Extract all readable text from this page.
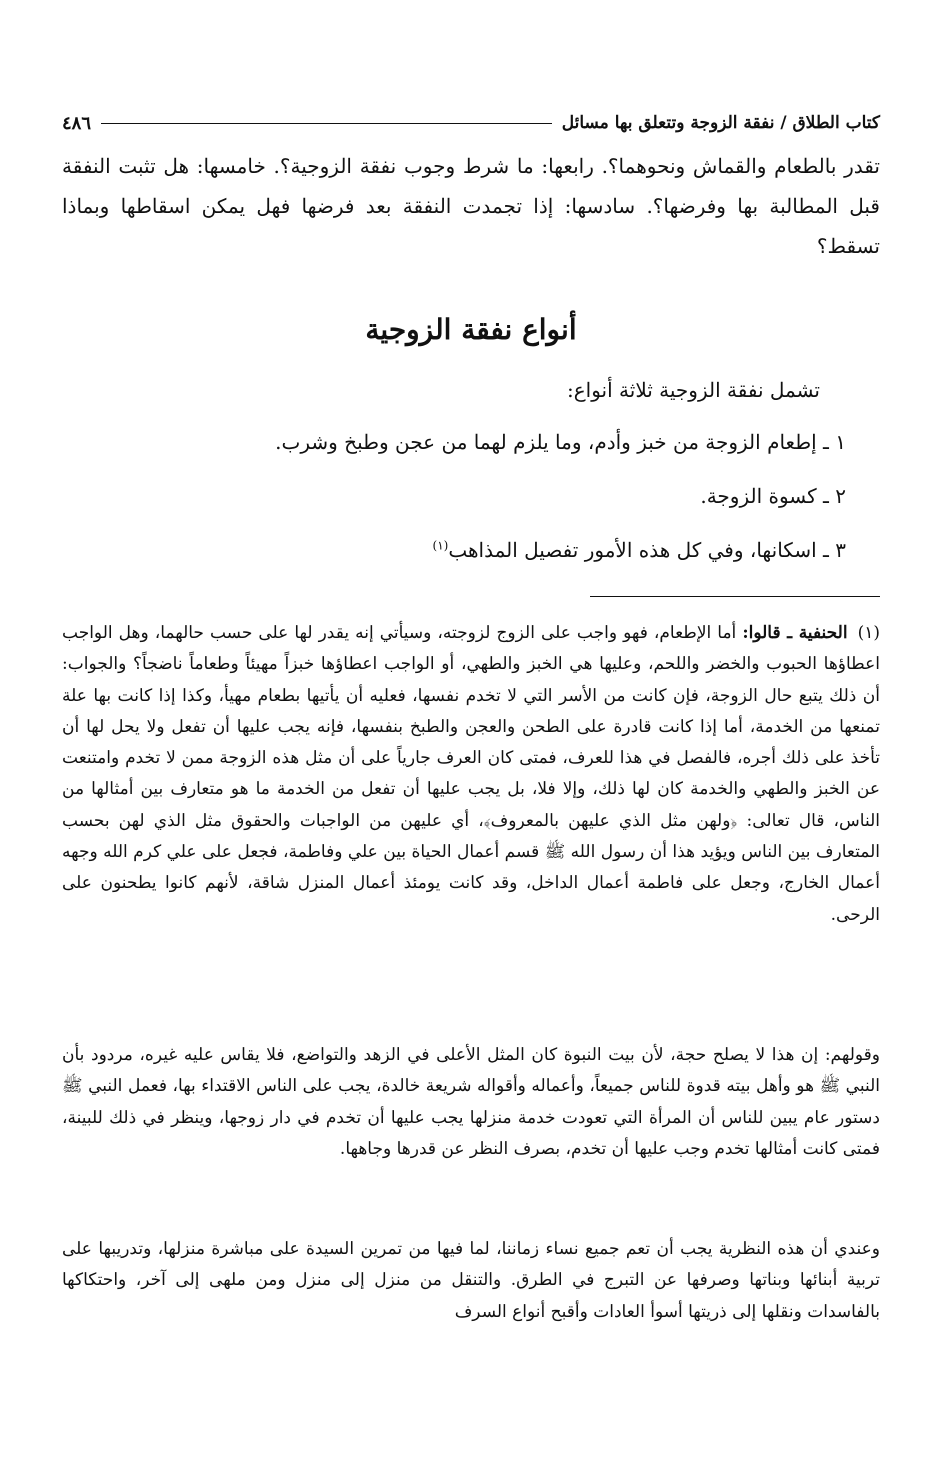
كتاب الطلاق / نفقة الزوجة وتتعلق بها مسائل
٤٨٦
تقدر بالطعام والقماش ونحوهما؟. رابعها: ما شرط وجوب نفقة الزوجية؟. خامسها: هل تثبت النفقة قبل المطالبة بها وفرضها؟. سادسها: إذا تجمدت النفقة بعد فرضها فهل يمكن اسقاطها وبماذا تسقط؟
أنواع نفقة الزوجية
تشمل نفقة الزوجية ثلاثة أنواع:
١ ـ إطعام الزوجة من خبز وأدم، وما يلزم لهما من عجن وطبخ وشرب.
٢ ـ كسوة الزوجة.
٣ ـ اسكانها، وفي كل هذه الأمور تفصيل المذاهب$^{(١)}$
(١) الحنفية ـ قالوا: أما الإطعام، فهو واجب على الزوج لزوجته، وسيأتي إنه يقدر لها على حسب حالهما، وهل الواجب اعطاؤها الحبوب والخضر واللحم، وعليها هي الخبز والطهي، أو الواجب اعطاؤها خبزاً مهيئاً وطعاماً ناضجاً؟ والجواب: أن ذلك يتبع حال الزوجة، فإن كانت من الأسر التي لا تخدم نفسها، فعليه أن يأتيها بطعام مهيأ، وكذا إذا كانت بها علة تمنعها من الخدمة، أما إذا كانت قادرة على الطحن والعجن والطبخ بنفسها، فإنه يجب عليها أن تفعل ولا يحل لها أن تأخذ على ذلك أجره، فالفصل في هذا للعرف، فمتى كان العرف جارياً على أن مثل هذه الزوجة ممن لا تخدم وامتنعت عن الخبز والطهي والخدمة كان لها ذلك، وإلا فلا، بل يجب عليها أن تفعل من الخدمة ما هو متعارف بين أمثالها من الناس، قال تعالى: ﴿ولهن مثل الذي عليهن بالمعروف﴾، أي عليهن من الواجبات والحقوق مثل الذي لهن بحسب المتعارف بين الناس ويؤيد هذا أن رسول الله ﷺ قسم أعمال الحياة بين علي وفاطمة، فجعل على علي كرم الله وجهه أعمال الخارج، وجعل على فاطمة أعمال الداخل، وقد كانت يومئذ أعمال المنزل شاقة، لأنهم كانوا يطحنون على الرحى.
وقولهم: إن هذا لا يصلح حجة، لأن بيت النبوة كان المثل الأعلى في الزهد والتواضع، فلا يقاس عليه غيره، مردود بأن النبي ﷺ هو وأهل بيته قدوة للناس جميعاً، وأعماله وأقواله شريعة خالدة، يجب على الناس الاقتداء بها، فعمل النبي ﷺ دستور عام يبين للناس أن المرأة التي تعودت خدمة منزلها يجب عليها أن تخدم في دار زوجها، وينظر في ذلك للبينة، فمتى كانت أمثالها تخدم وجب عليها أن تخدم، بصرف النظر عن قدرها وجاهها.
وعندي أن هذه النظرية يجب أن تعم جميع نساء زماننا، لما فيها من تمرين السيدة على مباشرة منزلها، وتدريبها على تربية أبنائها وبناتها وصرفها عن التبرج في الطرق. والتنقل من منزل إلى منزل ومن ملهى إلى آخر، واحتكاكها بالفاسدات ونقلها إلى ذريتها أسوأ العادات وأقبح أنواع السرف
